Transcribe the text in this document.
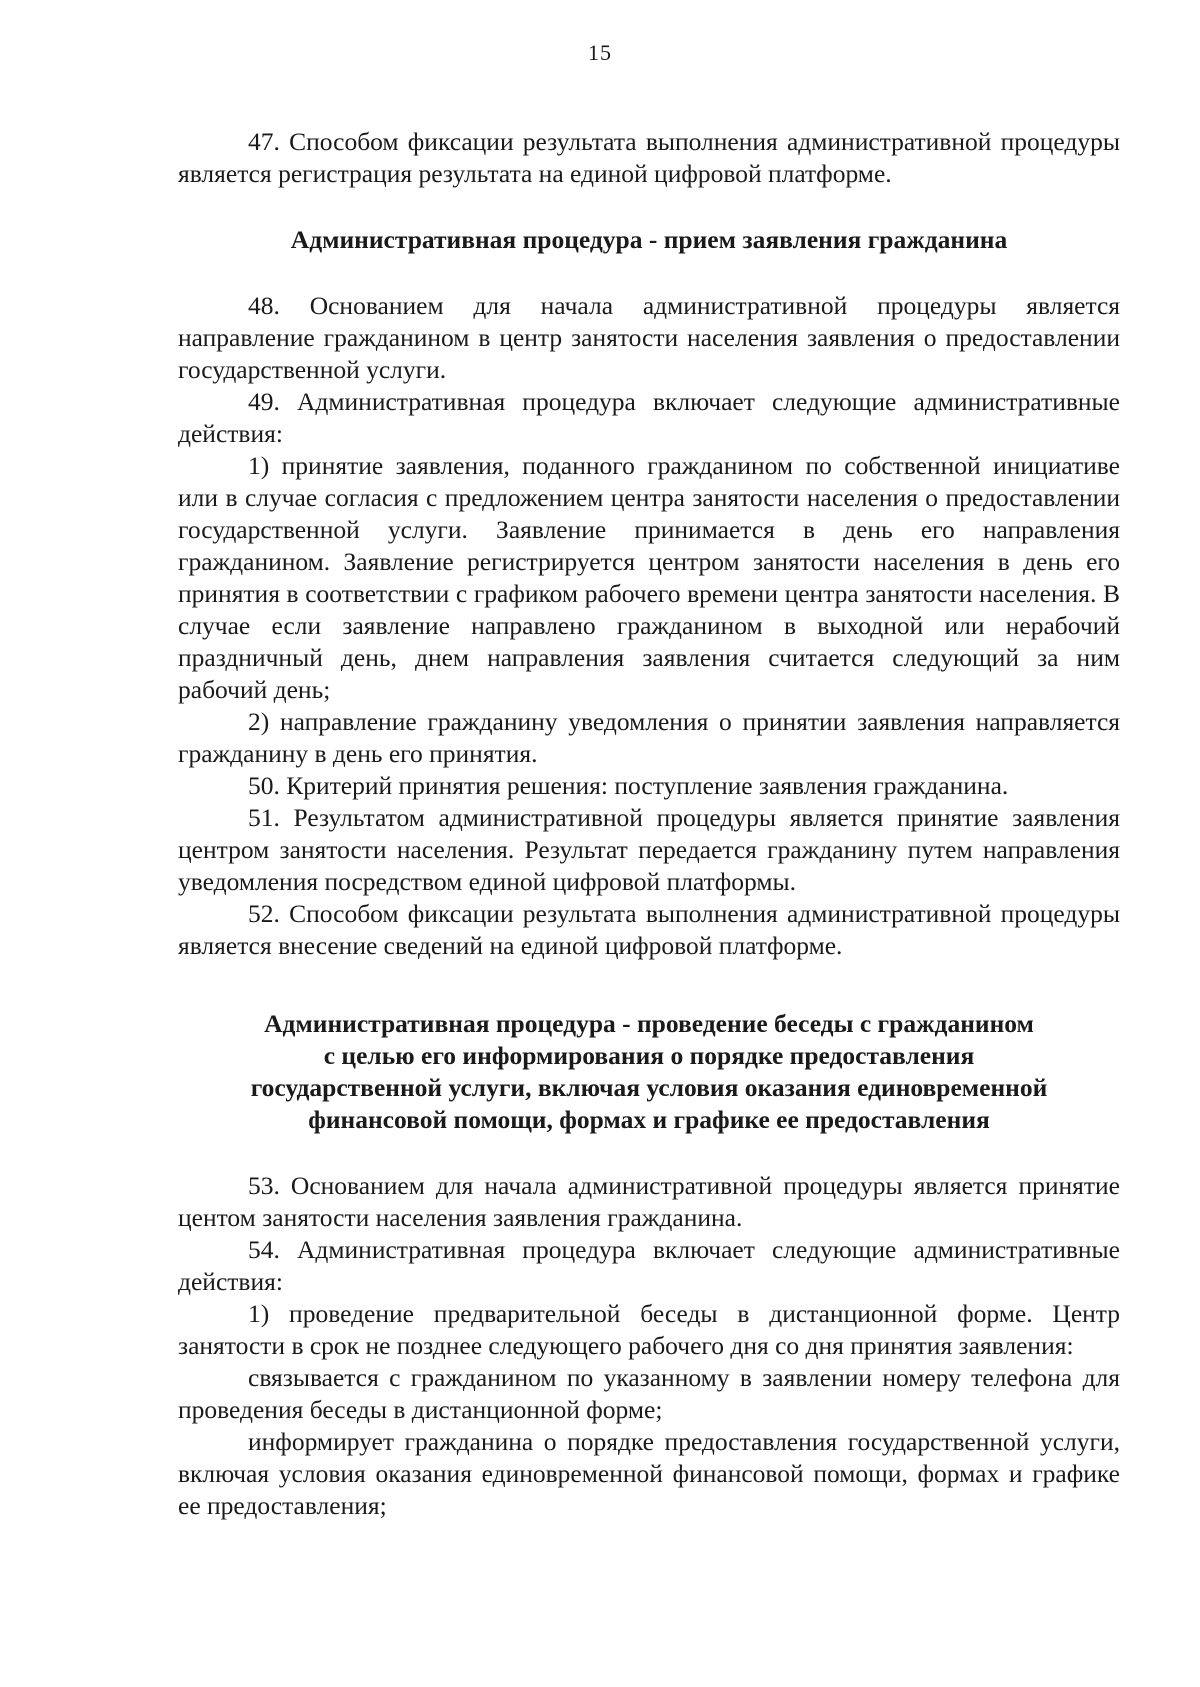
15

47. Способом фиксации результата выполнения административной процедуры является регистрация результата на единой цифровой платформе.

Административная процедура - прием заявления гражданина

48. Основанием для начала административной процедуры является направление гражданином в центр занятости населения заявления о предоставлении государственной услуги.

49. Административная процедура включает следующие административные действия:

1) принятие заявления, поданного гражданином по собственной инициативе или в случае согласия с предложением центра занятости населения о предоставлении государственной услуги. Заявление принимается в день его направления гражданином. Заявление регистрируется центром занятости населения в день его принятия в соответствии с графиком рабочего времени центра занятости населения. В случае если заявление направлено гражданином в выходной или нерабочий праздничный день, днем направления заявления считается следующий за ним рабочий день;

2) направление гражданину уведомления о принятии заявления направляется гражданину в день его принятия.

50. Критерий принятия решения: поступление заявления гражданина.

51. Результатом административной процедуры является принятие заявления центром занятости населения. Результат передается гражданину путем направления уведомления посредством единой цифровой платформы.

52. Способом фиксации результата выполнения административной процедуры является внесение сведений на единой цифровой платформе.

Административная процедура - проведение беседы с гражданином

с целью его информирования о порядке предоставления

государственной услуги, включая условия оказания единовременной

финансовой помощи, формах и графике ее предоставления

53. Основанием для начала административной процедуры является принятие центом занятости населения заявления гражданина.

54. Административная процедура включает следующие административные действия:

1) проведение предварительной беседы в дистанционной форме. Центр занятости в срок не позднее следующего рабочего дня со дня принятия заявления:

связывается с гражданином по указанному в заявлении номеру телефона для проведения беседы в дистанционной форме;

информирует гражданина о порядке предоставления государственной услуги, включая условия оказания единовременной финансовой помощи, формах и графике ее предоставления;
